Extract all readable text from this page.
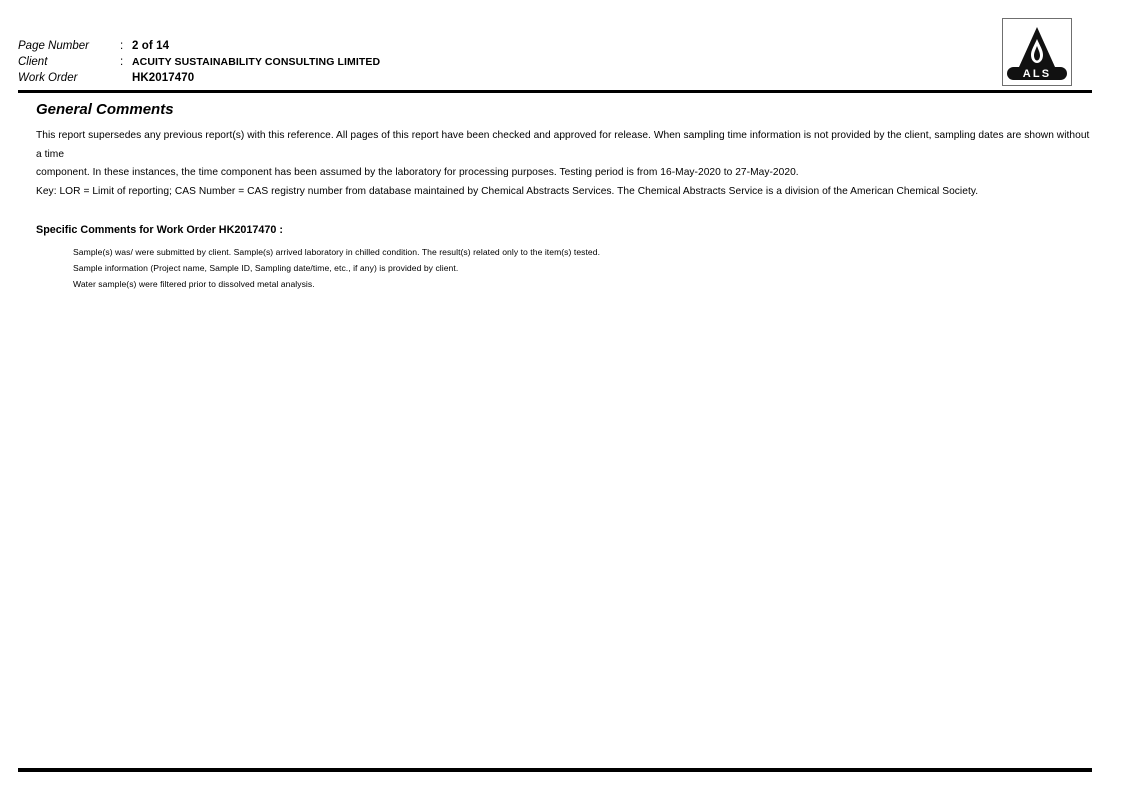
Page Number	: 2 of 14
Client	: ACUITY SUSTAINABILITY CONSULTING LIMITED
Work Order	HK2017470	ALS
General Comments

This report supersedes any previous report(s) with this reference. All pages of this report have been checked and approved for release. When sampling time information is not provided by the client, sampling dates are shown without a time
component. In these instances, the time component has been assumed by the laboratory for processing purposes. Testing period is from 16-May-2020 to 27-May-2020.
Key: LOR = Limit of reporting; CAS Number = CAS registry number from database maintained by Chemical Abstracts Services. The Chemical Abstracts Service is a division of the American Chemical Society.

Specific Comments for Work Order HK2017470 :
Sample(s) was/ were submitted by client. Sample(s) arrived laboratory in chilled condition. The result(s) related only to the item(s) tested.
Sample information (Project name, Sample ID, Sampling date/time, etc., if any) is provided by client.
Water sample(s) were filtered prior to dissolved metal analysis.
